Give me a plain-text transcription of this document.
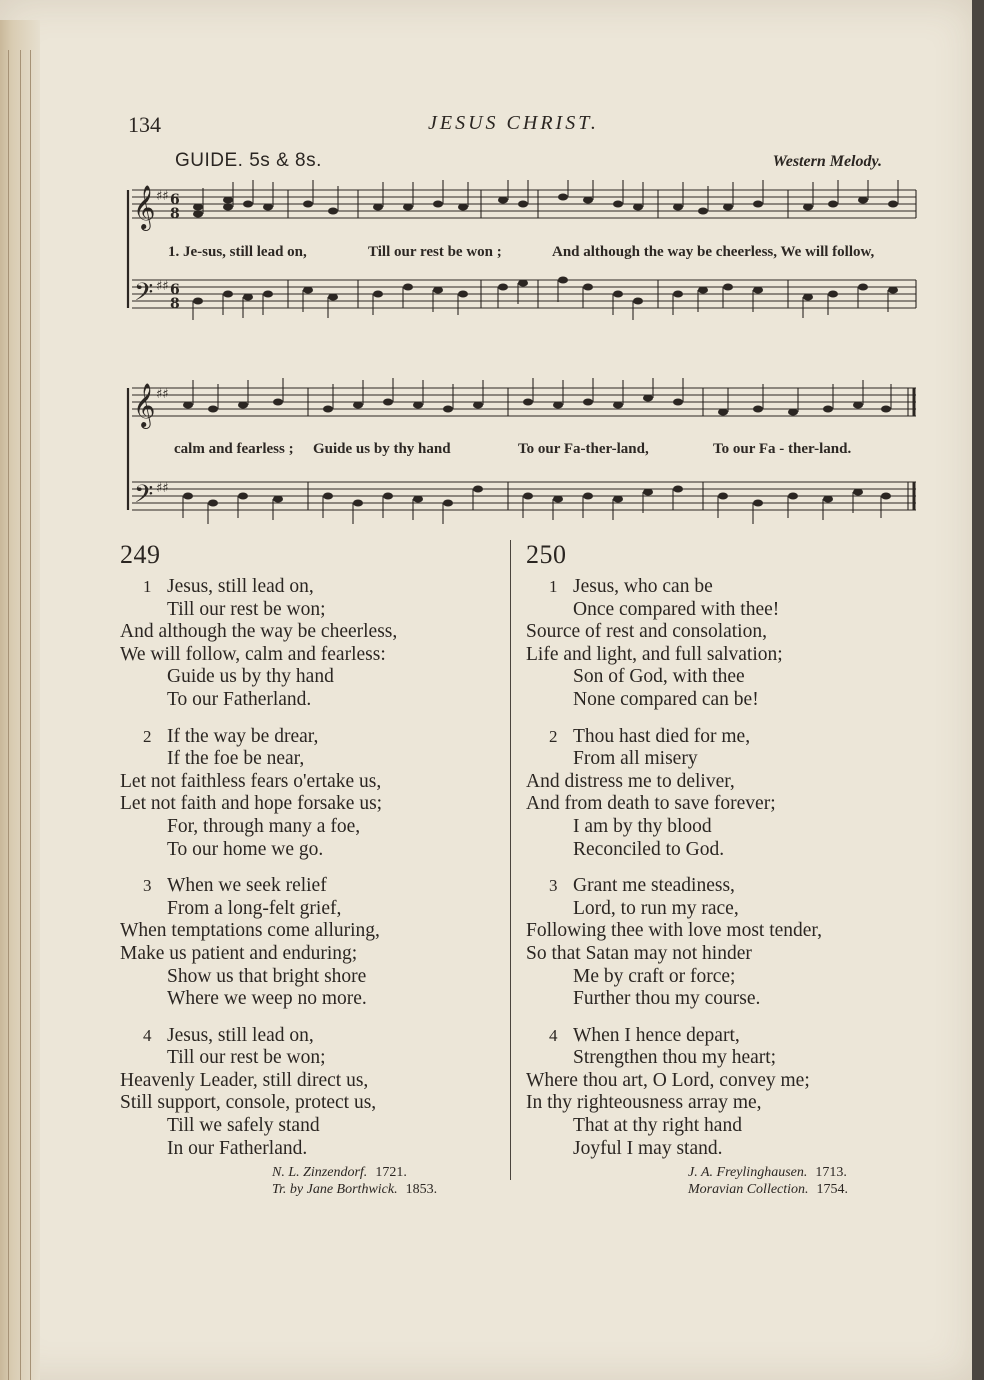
134	JESUS CHRIST.
GUIDE. 5s & 8s.	Western Melody.
𝄞
𝄢
♯♯
♯♯
6
8
6
8
1. Je-sus, still lead on,	Till our rest be won ;	And although the way be cheerless, We will follow,
𝄞
𝄢
♯♯
♯♯
calm and fearless ; Guide us by thy hand	To our Fa-ther-land,	To our Fa - ther-land.
249
1 Jesus, still lead on,
Till our rest be won;
And although the way be cheerless,
We will follow, calm and fearless:
Guide us by thy hand
To our Fatherland.
2 If the way be drear,
If the foe be near,
Let not faithless fears o'ertake us,
Let not faith and hope forsake us;
For, through many a foe,
To our home we go.
3 When we seek relief
From a long-felt grief,
When temptations come alluring,
Make us patient and enduring;
Show us that bright shore
Where we weep no more.
4 Jesus, still lead on,
Till our rest be won;
Heavenly Leader, still direct us,
Still support, console, protect us,
Till we safely stand
In our Fatherland.
N. L. Zinzendorf. 1721.
Tr. by Jane Borthwick. 1853.
250
1 Jesus, who can be
Once compared with thee!
Source of rest and consolation,
Life and light, and full salvation;
Son of God, with thee
None compared can be!
2 Thou hast died for me,
From all misery
And distress me to deliver,
And from death to save forever;
I am by thy blood
Reconciled to God.
3 Grant me steadiness,
Lord, to run my race,
Following thee with love most tender,
So that Satan may not hinder
Me by craft or force;
Further thou my course.
4 When I hence depart,
Strengthen thou my heart;
Where thou art, O Lord, convey me;
In thy righteousness array me,
That at thy right hand
Joyful I may stand.
J. A. Freylinghausen. 1713.
Moravian Collection. 1754.
